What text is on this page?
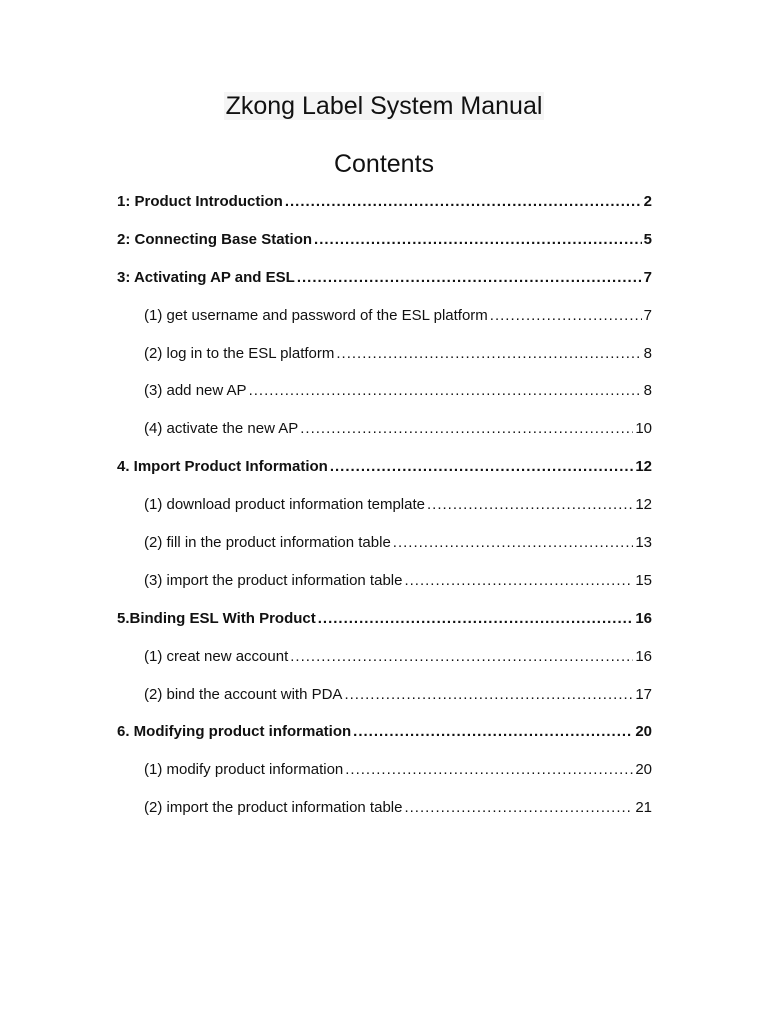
Zkong Label System Manual
Contents
1: Product Introduction .....	2
2: Connecting Base Station .....	5
3: Activating AP and ESL .....	7
(1) get username and password of the ESL platform .....	7
(2) log in to the ESL platform .....	8
(3) add new AP .....	8
(4) activate the new AP .....	10
4. Import Product Information .....	12
(1) download product information template .....	12
(2) fill in the product information table .....	13
(3) import the product information table .....	15
5.Binding ESL With Product .....	16
(1) creat new account .....	16
(2) bind the account with PDA .....	17
6. Modifying product information .....	20
(1) modify product information .....	20
(2) import the product information table .....	21
